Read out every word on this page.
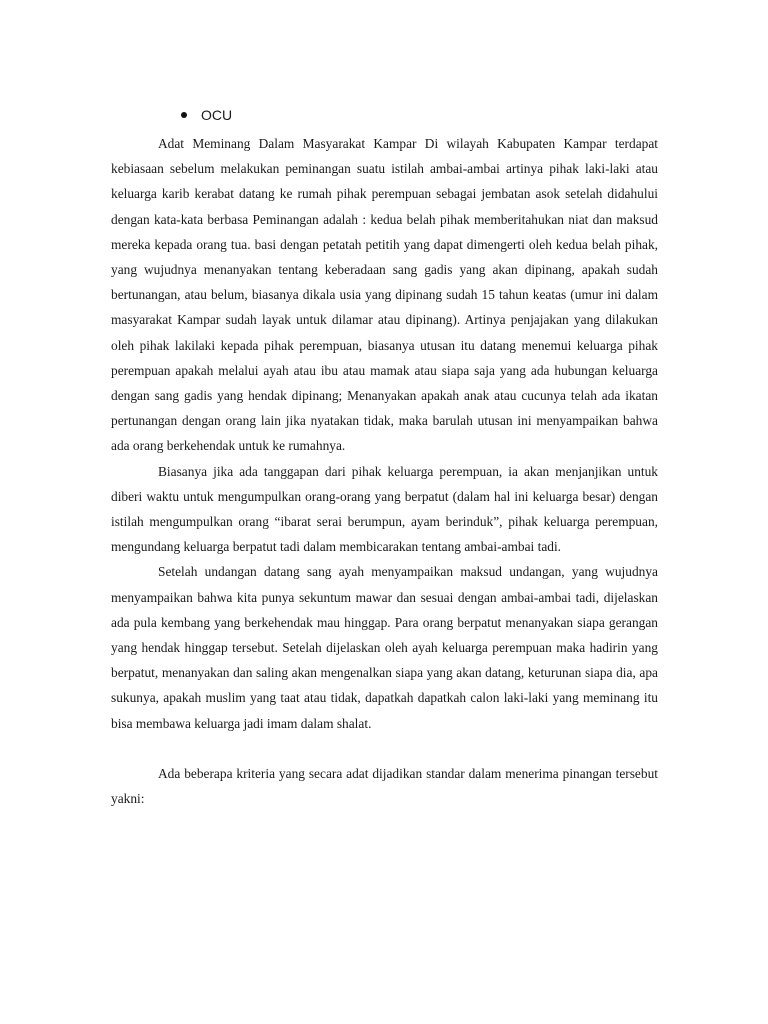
OCU

Adat Meminang Dalam Masyarakat Kampar Di wilayah Kabupaten Kampar terdapat kebiasaan sebelum melakukan peminangan suatu istilah ambai-ambai artinya pihak laki-laki atau keluarga karib kerabat datang ke rumah pihak perempuan sebagai jembatan asok setelah didahului dengan kata-kata berbasa Peminangan adalah : kedua belah pihak memberitahukan niat dan maksud mereka kepada orang tua. basi dengan petatah petitih yang dapat dimengerti oleh kedua belah pihak, yang wujudnya menanyakan tentang keberadaan sang gadis yang akan dipinang, apakah sudah bertunangan, atau belum, biasanya dikala usia yang dipinang sudah 15 tahun keatas (umur ini dalam masyarakat Kampar sudah layak untuk dilamar atau dipinang). Artinya penjajakan yang dilakukan oleh pihak lakilaki kepada pihak perempuan, biasanya utusan itu datang menemui keluarga pihak perempuan apakah melalui ayah atau ibu atau mamak atau siapa saja yang ada hubungan keluarga dengan sang gadis yang hendak dipinang; Menanyakan apakah anak atau cucunya telah ada ikatan pertunangan dengan orang lain jika nyatakan tidak, maka barulah utusan ini menyampaikan bahwa ada orang berkehendak untuk ke rumahnya.

Biasanya jika ada tanggapan dari pihak keluarga perempuan, ia akan menjanjikan untuk diberi waktu untuk mengumpulkan orang-orang yang berpatut (dalam hal ini keluarga besar) dengan istilah mengumpulkan orang “ibarat serai berumpun, ayam berinduk”, pihak keluarga perempuan, mengundang keluarga berpatut tadi dalam membicarakan tentang ambai-ambai tadi.

Setelah undangan datang sang ayah menyampaikan maksud undangan, yang wujudnya menyampaikan bahwa kita punya sekuntum mawar dan sesuai dengan ambai-ambai tadi, dijelaskan ada pula kembang yang berkehendak mau hinggap. Para orang berpatut menanyakan siapa gerangan yang hendak hinggap tersebut. Setelah dijelaskan oleh ayah keluarga perempuan maka hadirin yang berpatut, menanyakan dan saling akan mengenalkan siapa yang akan datang, keturunan siapa dia, apa sukunya, apakah muslim yang taat atau tidak, dapatkah dapatkah calon laki-laki yang meminang itu bisa membawa keluarga jadi imam dalam shalat.

Ada beberapa kriteria yang secara adat dijadikan standar dalam menerima pinangan tersebut yakni:
